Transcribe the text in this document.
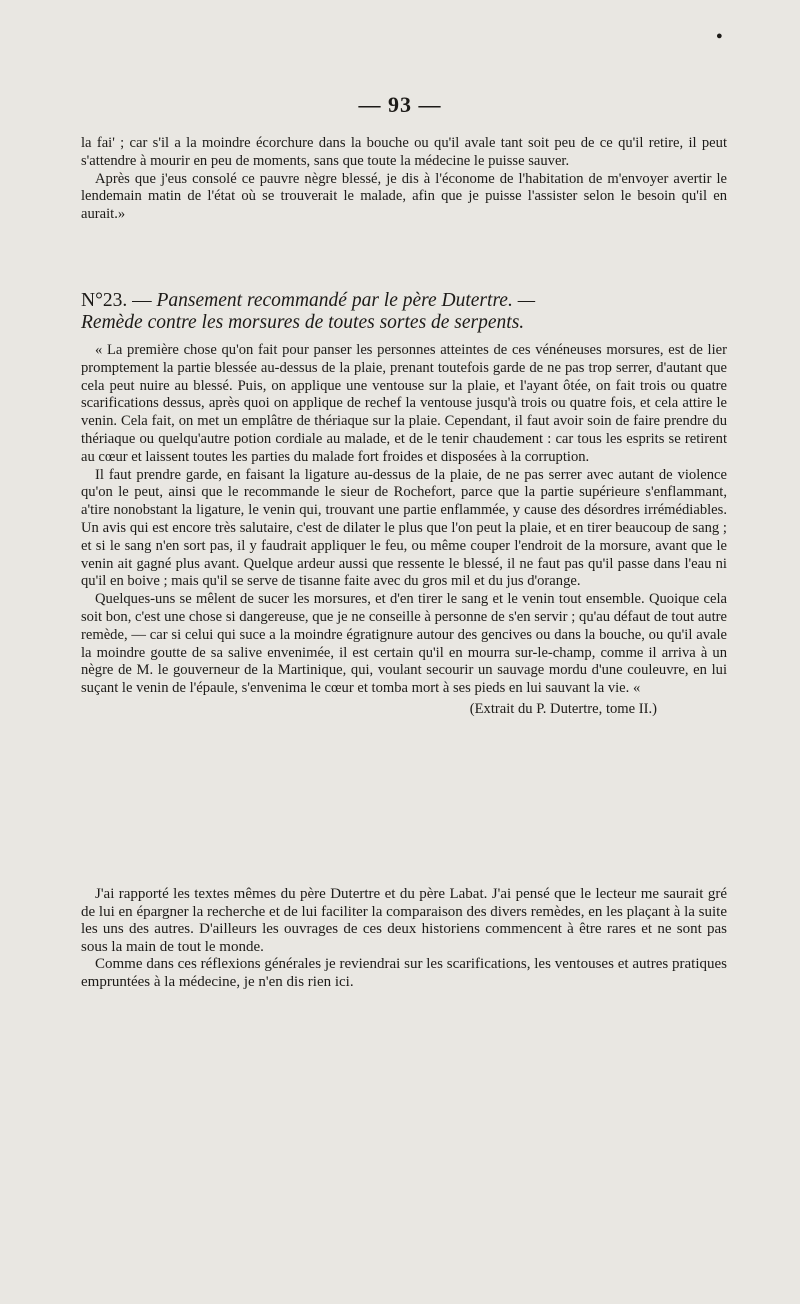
●
— 93 —

la fai' ; car s'il a la moindre écorchure dans la bouche ou qu'il avale tant soit peu de ce qu'il retire, il peut s'attendre à mourir en peu de moments, sans que toute la médecine le puisse sauver.

Après que j'eus consolé ce pauvre nègre blessé, je dis à l'économe de l'habitation de m'envoyer avertir le lendemain matin de l'état où se trouverait le malade, afin que je puisse l'assister selon le besoin qu'il en aurait.»

N°23. — Pansement recommandé par le père Dutertre. —
Remède contre les morsures de toutes sortes de serpents.

« La première chose qu'on fait pour panser les personnes atteintes de ces vénéneuses morsures, est de lier promptement la partie blessée au-dessus de la plaie, prenant toutefois garde de ne pas trop serrer, d'autant que cela peut nuire au blessé. Puis, on applique une ventouse sur la plaie, et l'ayant ôtée, on fait trois ou quatre scarifications dessus, après quoi on applique de rechef la ventouse jusqu'à trois ou quatre fois, et cela attire le venin. Cela fait, on met un emplâtre de thériaque sur la plaie. Cependant, il faut avoir soin de faire prendre du thériaque ou quelqu'autre potion cordiale au malade, et de le tenir chaudement : car tous les esprits se retirent au cœur et laissent toutes les parties du malade fort froides et disposées à la corruption.

Il faut prendre garde, en faisant la ligature au-dessus de la plaie, de ne pas serrer avec autant de violence qu'on le peut, ainsi que le recommande le sieur de Rochefort, parce que la partie supérieure s'enflammant, a'tire nonobstant la ligature, le venin qui, trouvant une partie enflammée, y cause des désordres irrémédiables. Un avis qui est encore très salutaire, c'est de dilater le plus que l'on peut la plaie, et en tirer beaucoup de sang ; et si le sang n'en sort pas, il y faudrait appliquer le feu, ou même couper l'endroit de la morsure, avant que le venin ait gagné plus avant. Quelque ardeur aussi que ressente le blessé, il ne faut pas qu'il passe dans l'eau ni qu'il en boive ; mais qu'il se serve de tisanne faite avec du gros mil et du jus d'orange.

Quelques-uns se mêlent de sucer les morsures, et d'en tirer le sang et le venin tout ensemble. Quoique cela soit bon, c'est une chose si dangereuse, que je ne conseille à personne de s'en servir ; qu'au défaut de tout autre remède, — car si celui qui suce a la moindre égratignure autour des gencives ou dans la bouche, ou qu'il avale la moindre goutte de sa salive envenimée, il est certain qu'il en mourra sur-le-champ, comme il arriva à un nègre de M. le gouverneur de la Martinique, qui, voulant secourir un sauvage mordu d'une couleuvre, en lui suçant le venin de l'épaule, s'envenima le cœur et tomba mort à ses pieds en lui sauvant la vie. «

(Extrait du P. Dutertre, tome II.)

J'ai rapporté les textes mêmes du père Dutertre et du père Labat. J'ai pensé que le lecteur me saurait gré de lui en épargner la recherche et de lui faciliter la comparaison des divers remèdes, en les plaçant à la suite les uns des autres. D'ailleurs les ouvrages de ces deux historiens commencent à être rares et ne sont pas sous la main de tout le monde.

Comme dans ces réflexions générales je reviendrai sur les scarifications, les ventouses et autres pratiques empruntées à la médecine, je n'en dis rien ici.
